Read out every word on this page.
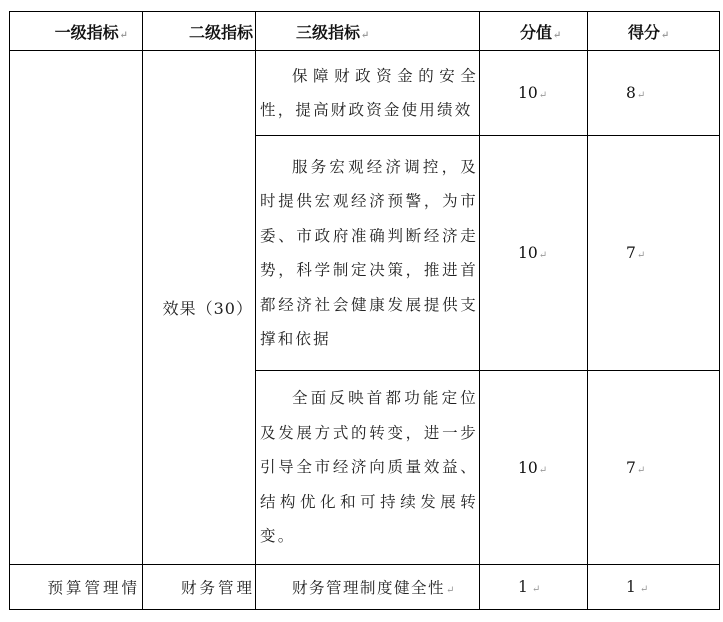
一级指标↵	二级指标	三级指标↵	分值↵	得分↵
	效果（30）	保障财政资金的安全性，提高财政资金使用绩效	10↵	8↵

		服务宏观经济调控，及时提供宏观经济预警，为市委、市政府准确判断经济走势，科学制定决策，推进首都经济社会健康发展提供支撑和依据	10↵	7↵

		全面反映首都功能定位及发展方式的转变，进一步引导全市经济向质量效益、结构优化和可持续发展转变。	10↵	7↵
预算管理情	财务管理	财务管理制度健全性↵	1↵	1↵
